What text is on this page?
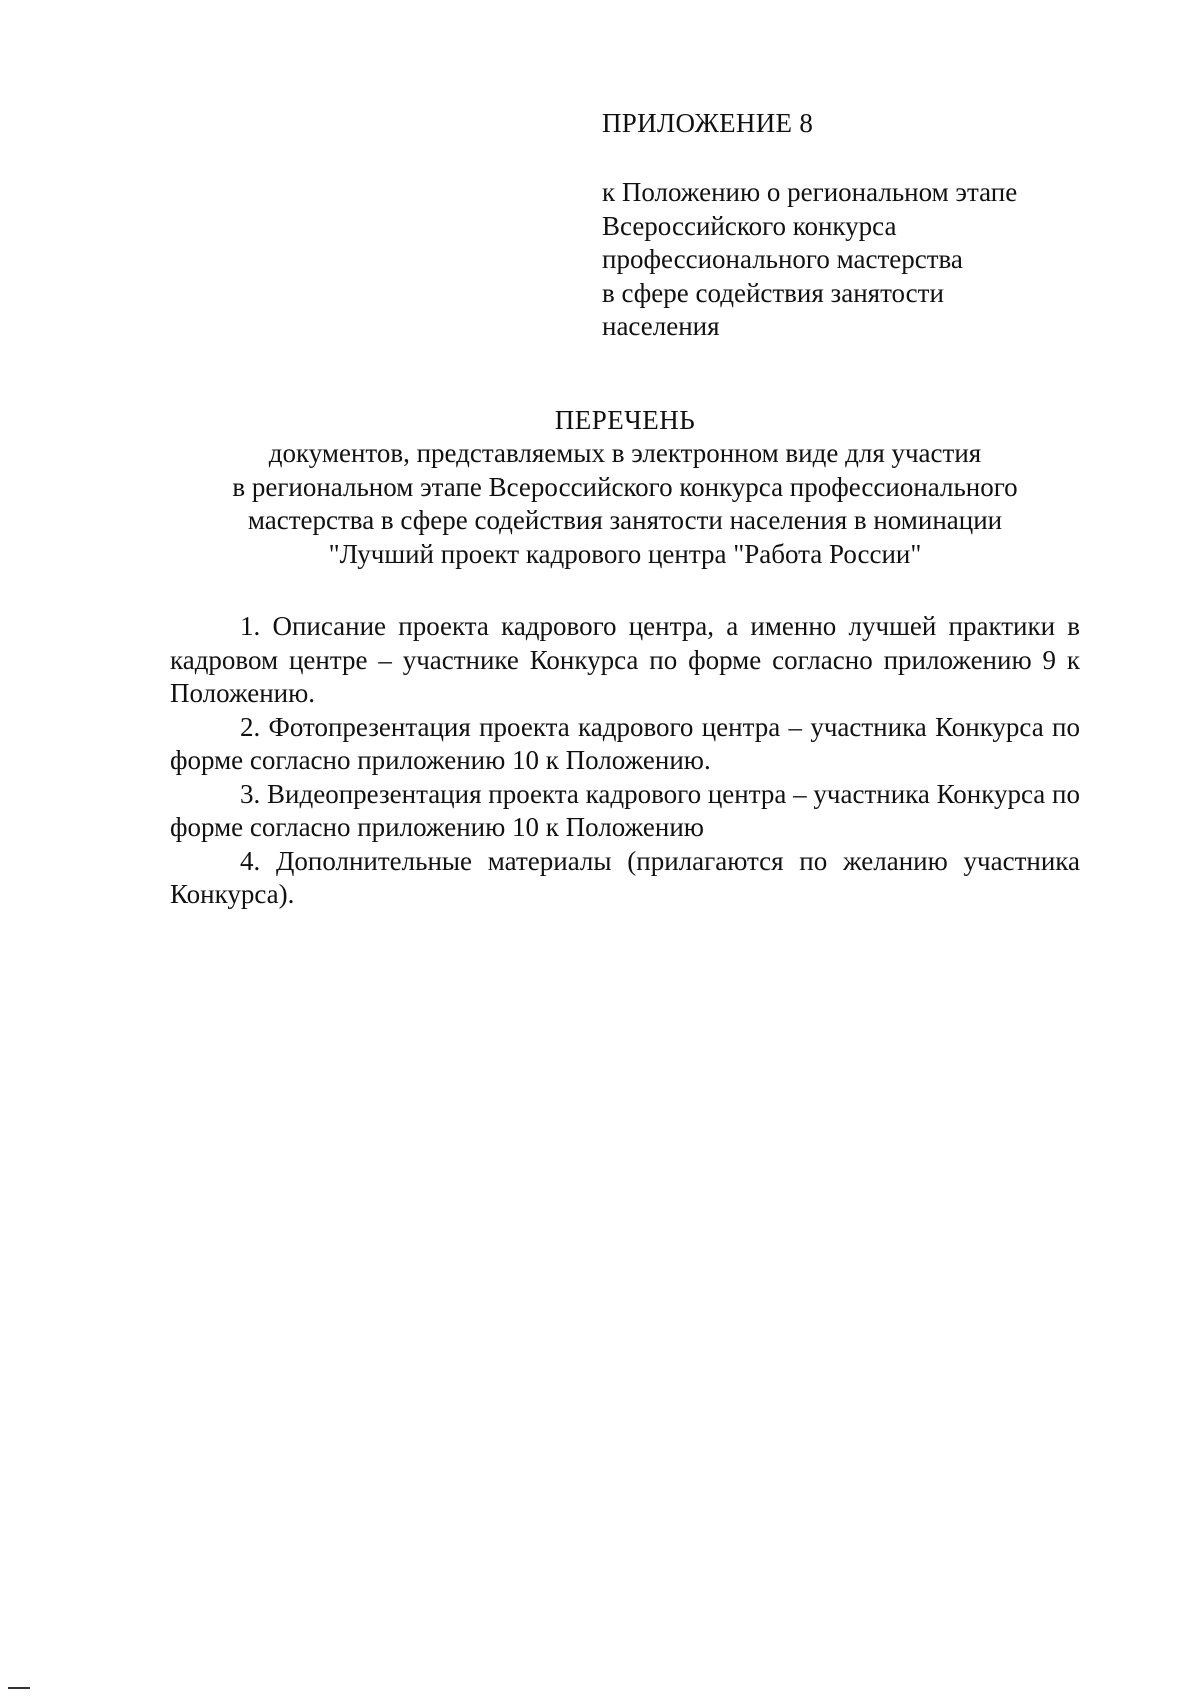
ПРИЛОЖЕНИЕ 8

к Положению о региональном этапе
Всероссийского конкурса
профессионального мастерства
в сфере содействия занятости
населения

ПЕРЕЧЕНЬ

документов, представляемых в электронном виде для участия
в региональном этапе Всероссийского конкурса профессионального
мастерства в сфере содействия занятости населения в номинации
"Лучший проект кадрового центра "Работа России"

1. Описание проекта кадрового центра, а именно лучшей практики в кадровом центре – участнике Конкурса по форме согласно приложению 9 к Положению.

2. Фотопрезентация проекта кадрового центра – участника Конкурса по форме согласно приложению 10 к Положению.

3. Видеопрезентация проекта кадрового центра – участника Конкурса по форме согласно приложению 10 к Положению

4. Дополнительные материалы (прилагаются по желанию участника Конкурса).
